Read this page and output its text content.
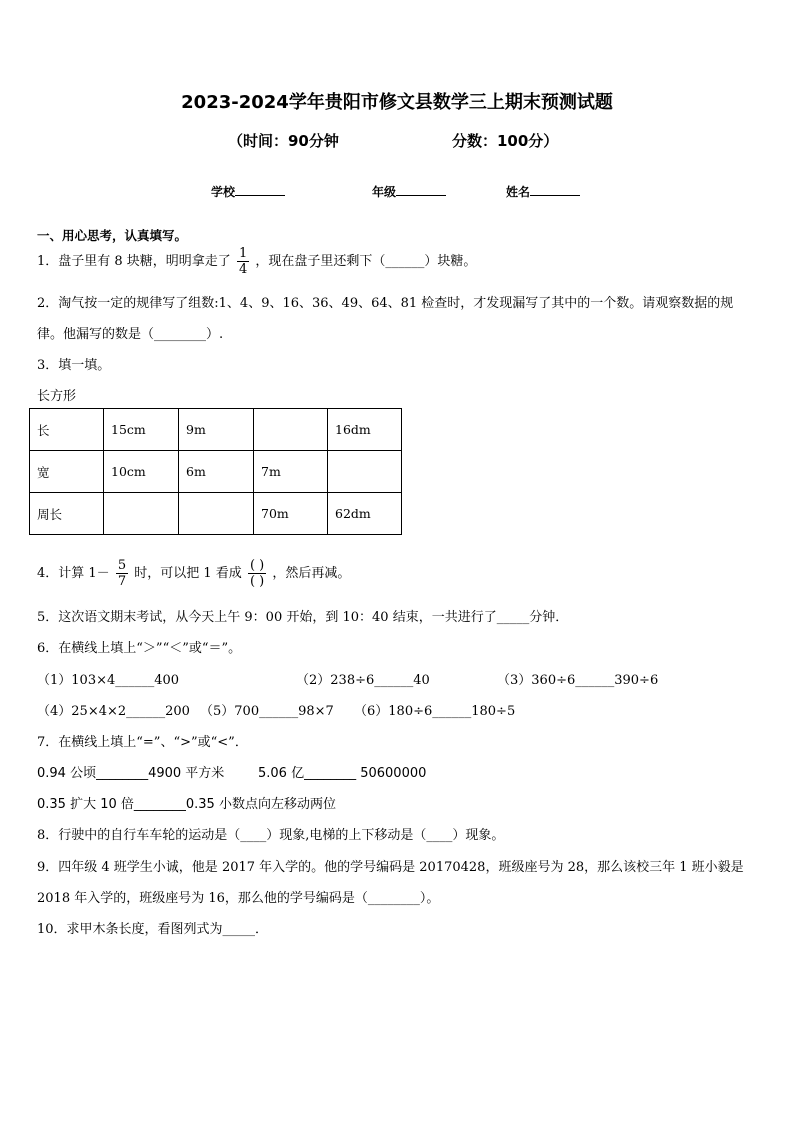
2023-2024学年贵阳市修文县数学三上期末预测试题
（时间：90分钟	分数：100分）
学校	年级	姓名
一、用心思考，认真填写。
1．盘子里有 8 块糖，明明拿走了 $\frac{1}{4}$ ，现在盘子里还剩下（______）块糖。
2．淘气按一定的规律写了组数:1、4、9、16、36、49、64、81 检查时，才发现漏写了其中的一个数。请观察数据的规
律。他漏写的数是（________）.
3．填一填。
长方形
长	15cm	9m		16dm
宽	10cm	6m	7m	
周长			70m	62dm
4．计算 $1- \frac{5}{7}$ 时，可以把 1 看成 $\frac{( )}{( )}$ ，然后再减。
5．这次语文期末考试，从今天上午 9：00 开始，到 10：40 结束，一共进行了_____分钟．
6．在横线上填上“＞”“＜”或“＝”。
（1）103×4______400	（2）238÷6______40	（3）360÷6______390÷6
（4）25×4×2______200 （5）700______98×7 （6）180÷6______180÷5
7．在横线上填上“=”、“>”或“<”．
0.94 公顷________4900 平方米	5.06 亿________ 50600000
0.35 扩大 10 倍________0.35 小数点向左移动两位
8．行驶中的自行车车轮的运动是（____）现象,电梯的上下移动是（____）现象。
9．四年级 4 班学生小诚，他是 2017 年入学的。他的学号编码是 20170428，班级座号为 28，那么该校三年 1 班小毅是
2018 年入学的，班级座号为 16，那么他的学号编码是（________）。
10．求甲木条长度，看图列式为_____．
